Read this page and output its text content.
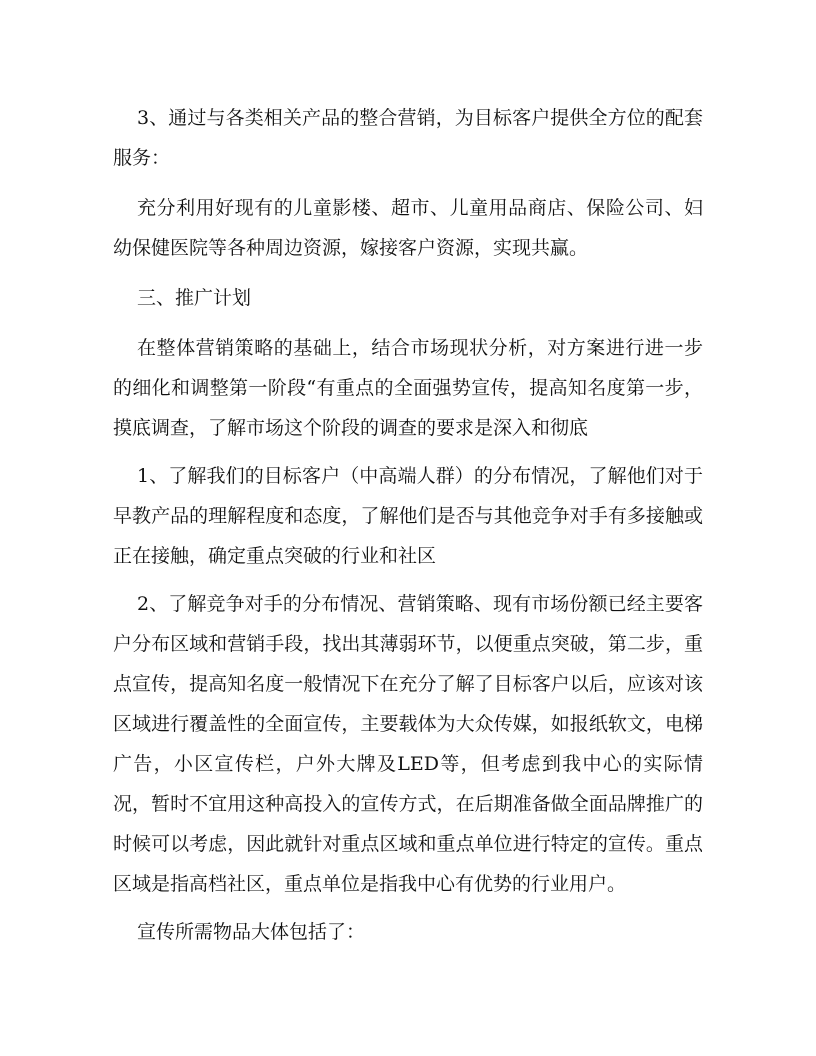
3、通过与各类相关产品的整合营销，为目标客户提供全方位的配套服务：

充分利用好现有的儿童影楼、超市、儿童用品商店、保险公司、妇幼保健医院等各种周边资源，嫁接客户资源，实现共赢。

三、推广计划

在整体营销策略的基础上，结合市场现状分析，对方案进行进一步的细化和调整第一阶段“有重点的全面强势宣传，提高知名度第一步，摸底调查，了解市场这个阶段的调查的要求是深入和彻底

1、了解我们的目标客户（中高端人群）的分布情况，了解他们对于早教产品的理解程度和态度，了解他们是否与其他竞争对手有多接触或正在接触，确定重点突破的行业和社区

2、了解竞争对手的分布情况、营销策略、现有市场份额已经主要客户分布区域和营销手段，找出其薄弱环节，以便重点突破，第二步，重点宣传，提高知名度一般情况下在充分了解了目标客户以后，应该对该区域进行覆盖性的全面宣传，主要载体为大众传媒，如报纸软文，电梯广告，小区宣传栏，户外大牌及LED等，但考虑到我中心的实际情况，暂时不宜用这种高投入的宣传方式，在后期准备做全面品牌推广的时候可以考虑，因此就针对重点区域和重点单位进行特定的宣传。重点区域是指高档社区，重点单位是指我中心有优势的行业用户。

宣传所需物品大体包括了：
